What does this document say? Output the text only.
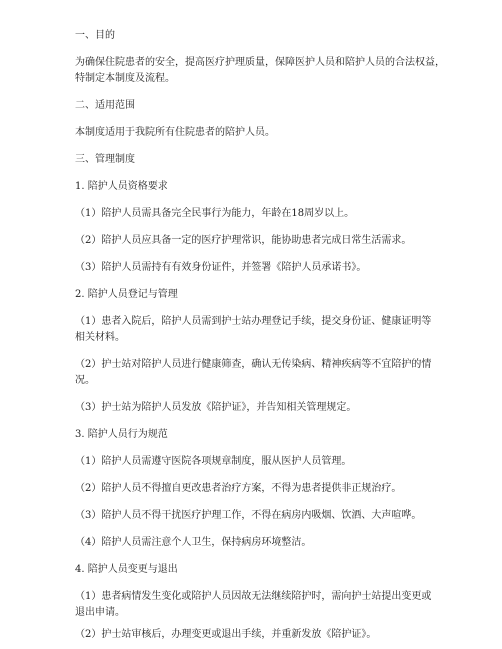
一、目的
为确保住院患者的安全，提高医疗护理质量，保障医护人员和陪护人员的合法权益，
特制定本制度及流程。
二、适用范围
本制度适用于我院所有住院患者的陪护人员。
三、管理制度
1. 陪护人员资格要求
（1）陪护人员需具备完全民事行为能力，年龄在18周岁以上。
（2）陪护人员应具备一定的医疗护理常识，能协助患者完成日常生活需求。
（3）陪护人员需持有有效身份证件，并签署《陪护人员承诺书》。
2. 陪护人员登记与管理
（1）患者入院后，陪护人员需到护士站办理登记手续，提交身份证、健康证明等
相关材料。
（2）护士站对陪护人员进行健康筛查，确认无传染病、精神疾病等不宜陪护的情
况。
（3）护士站为陪护人员发放《陪护证》，并告知相关管理规定。
3. 陪护人员行为规范
（1）陪护人员需遵守医院各项规章制度，服从医护人员管理。
（2）陪护人员不得擅自更改患者治疗方案，不得为患者提供非正规治疗。
（3）陪护人员不得干扰医疗护理工作，不得在病房内吸烟、饮酒、大声喧哗。
（4）陪护人员需注意个人卫生，保持病房环境整洁。
4. 陪护人员变更与退出
（1）患者病情发生变化或陪护人员因故无法继续陪护时，需向护士站提出变更或
退出申请。
（2）护士站审核后，办理变更或退出手续，并重新发放《陪护证》。
